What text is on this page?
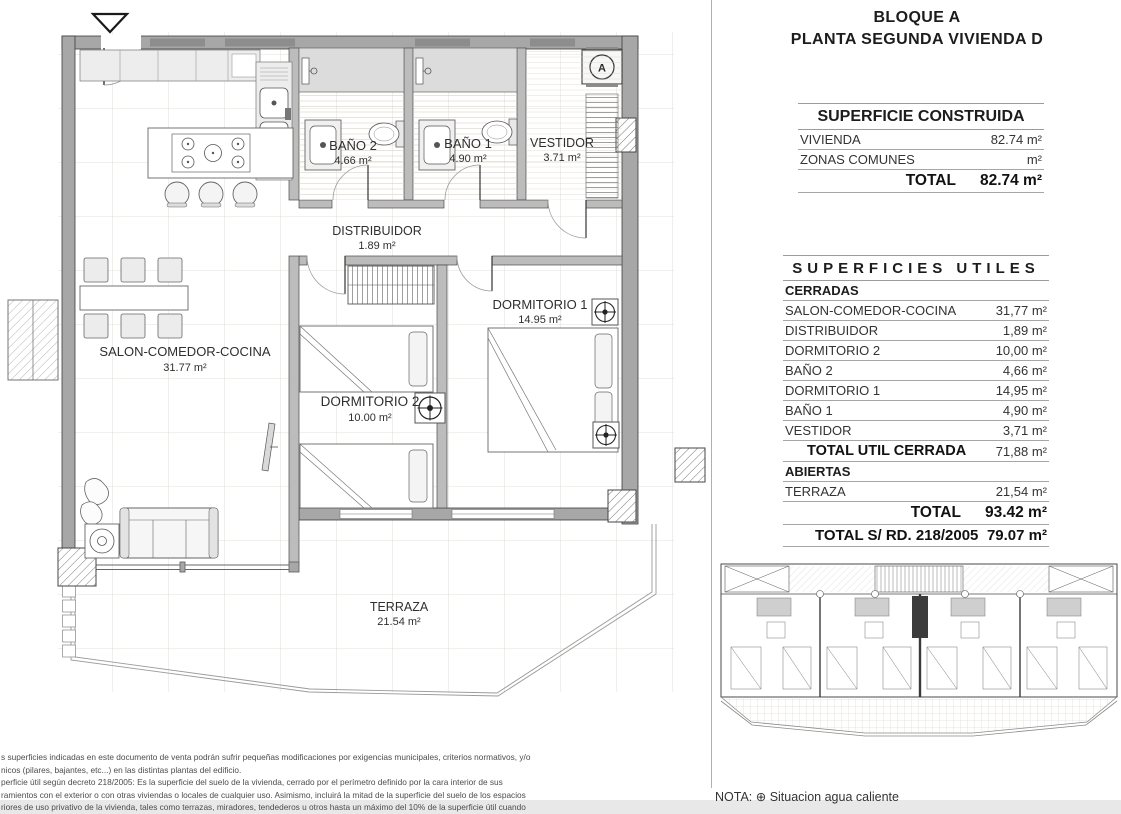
BAÑO 2
4.66 m²
BAÑO 1
4.90 m²
VESTIDOR
3.71 m²
DISTRIBUIDOR
1.89 m²
DORMITORIO 1
14.95 m²
SALON-COMEDOR-COCINA
31.77 m²
DORMITORIO 2
10.00 m²
TERRAZA
21.54 m²
BLOQUE A
PLANTA SEGUNDA VIVIENDA D
SUPERFICIE CONSTRUIDA
VIVIENDA	82.74 m²
ZONAS COMUNES	m²
TOTAL 82.74 m²
SUPERFICIES UTILES
CERRADAS
SALON-COMEDOR-COCINA	31,77 m²
DISTRIBUIDOR	1,89 m²
DORMITORIO 2	10,00 m²
BAÑO 2	4,66 m²
DORMITORIO 1	14,95 m²
BAÑO 1	4,90 m²
VESTIDOR	3,71 m²
TOTAL UTIL CERRADA 71,88 m²
ABIERTAS
TERRAZA	21,54 m²
TOTAL 93.42 m²
TOTAL S/ RD. 218/2005 79.07 m²
NOTA: ⊕ Situacion agua caliente
s superficies indicadas en este documento de venta podrán sufrir pequeñas modificaciones por exigencias municipales, criterios normativos, y/o
nicos (pilares, bajantes, etc...) en las distintas plantas del edificio.
perficie útil según decreto 218/2005: Es la superficie del suelo de la vivienda, cerrado por el perímetro definido por la cara interior de sus
ramientos con el exterior o con otras viviendas o locales de cualquier uso. Asimismo, incluirá la mitad de la superficie del suelo de los espacios
riores de uso privativo de la vivienda, tales como terrazas, miradores, tendederos u otros hasta un máximo del 10% de la superficie útil cuando
